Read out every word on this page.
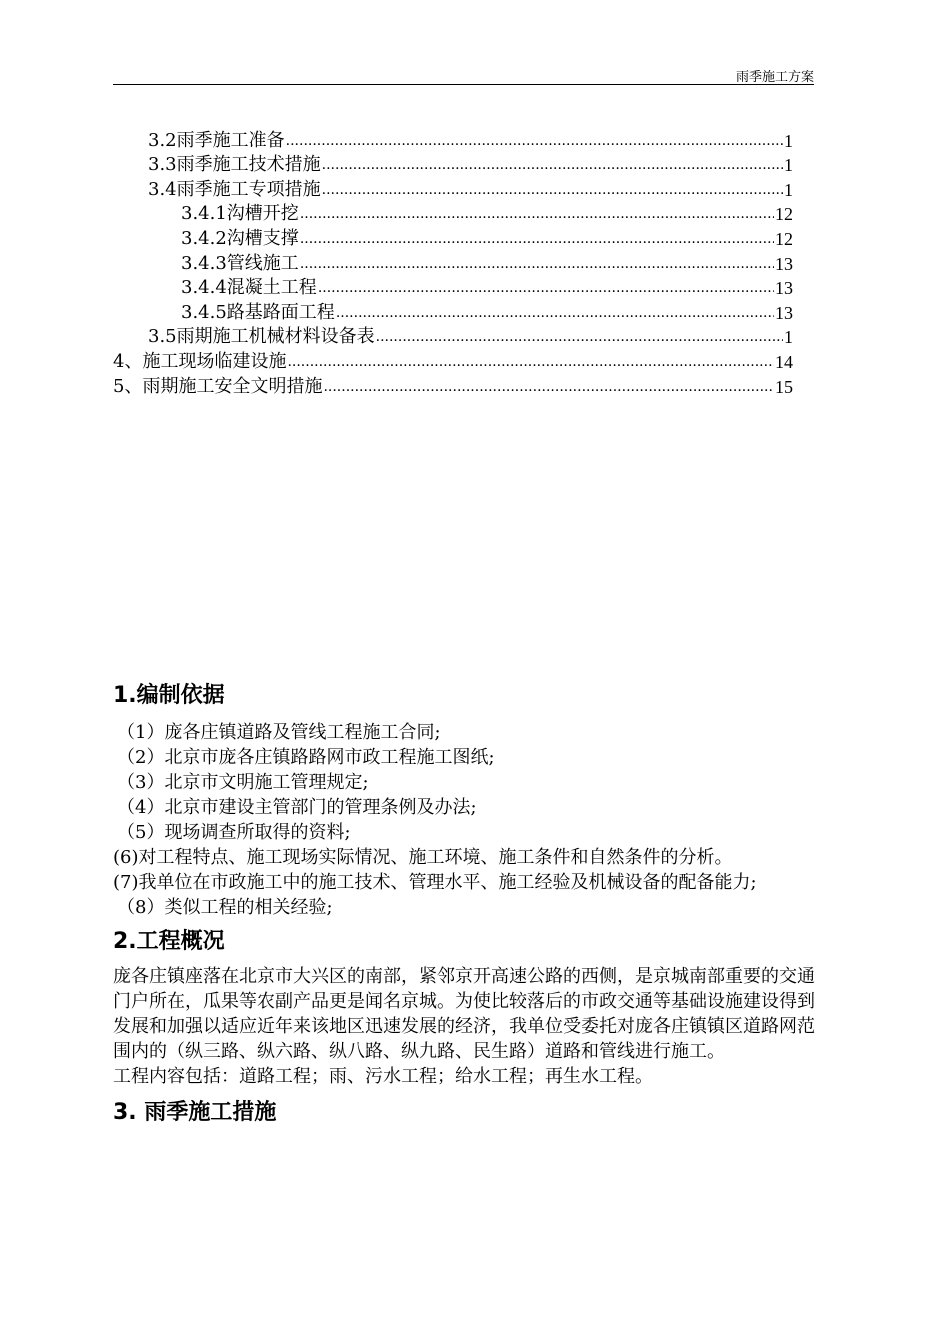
雨季施工方案
3.2雨季施工准备 .....	1
3.3雨季施工技术措施 .....	1
3.4雨季施工专项措施 .....	1
3.4.1沟槽开挖 .....	12
3.4.2沟槽支撑 .....	12
3.4.3管线施工 .....	13
3.4.4混凝土工程 .....	13
3.4.5路基路面工程 .....	13
3.5雨期施工机械材料设备表 .....	1
4、施工现场临建设施 .....	14
5、雨期施工安全文明措施 .....	15
1.编制依据
（1）庞各庄镇道路及管线工程施工合同;
（2）北京市庞各庄镇路路网市政工程施工图纸;
（3）北京市文明施工管理规定;
（4）北京市建设主管部门的管理条例及办法;
（5）现场调查所取得的资料;
(6)对工程特点、施工现场实际情况、施工环境、施工条件和自然条件的分析。
(7)我单位在市政施工中的施工技术、管理水平、施工经验及机械设备的配备能力;
（8）类似工程的相关经验;
2.工程概况
庞各庄镇座落在北京市大兴区的南部，紧邻京开高速公路的西侧，是京城南部重要的交通门户所在，瓜果等农副产品更是闻名京城。为使比较落后的市政交通等基础设施建设得到发展和加强以适应近年来该地区迅速发展的经济，我单位受委托对庞各庄镇镇区道路网范围内的（纵三路、纵六路、纵八路、纵九路、民生路）道路和管线进行施工。
工程内容包括：道路工程；雨、污水工程；给水工程；再生水工程。
3. 雨季施工措施
